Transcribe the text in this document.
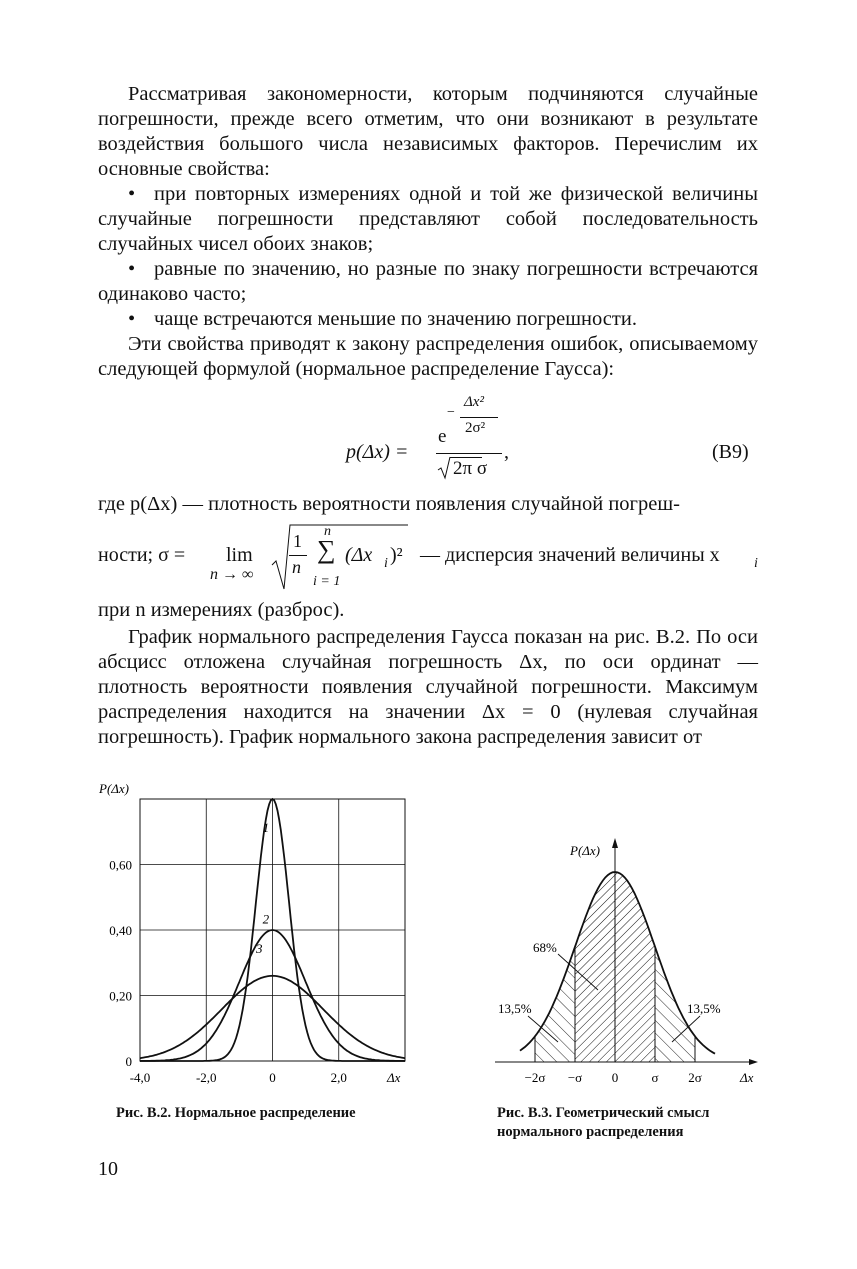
Рассматривая закономерности, которым подчиняются случайные погрешности, прежде всего отметим, что они возникают в результате воздействия большого числа независимых факторов. Перечислим их основные свойства:

• при повторных измерениях одной и той же физической величины случайные погрешности представляют собой последовательность случайных чисел обоих знаков;

• равные по значению, но разные по знаку погрешности встречаются одинаково часто;

• чаще встречаются меньшие по значению погрешности.

Эти свойства приводят к закону распределения ошибок, описываемому следующей формулой (нормальное распределение Гаусса):

p(Δx) =
−
e
Δx²
2σ²
2π σ
,	(В9)
где p(Δx) — плотность вероятности появления случайной погреш-
ности; σ = lim
n → ∞
1
n
n
∑
i = 1
(Δx i )² — дисперсия значений величины x i
при n измерениях (разброс).

График нормального распределения Гаусса показан на рис. В.2. По оси абсцисс отложена случайная погрешность Δx, по оси ординат — плотность вероятности появления случайной погрешности. Максимум распределения находится на значении Δx = 0 (нулевая случайная погрешность). График нормального закона распределения зависит от

P(Δx)
Δx
0,60
0,40
0,20
0
-4,0	-2,0	0	2,0
1
2
3
P(Δx)
Δx
68%
13,5%	13,5%
−2σ −σ 0	σ 2σ
Рис. В.2. Нормальное распределение	Рис. В.3. Геометрический смысл
нормального распределения
10
